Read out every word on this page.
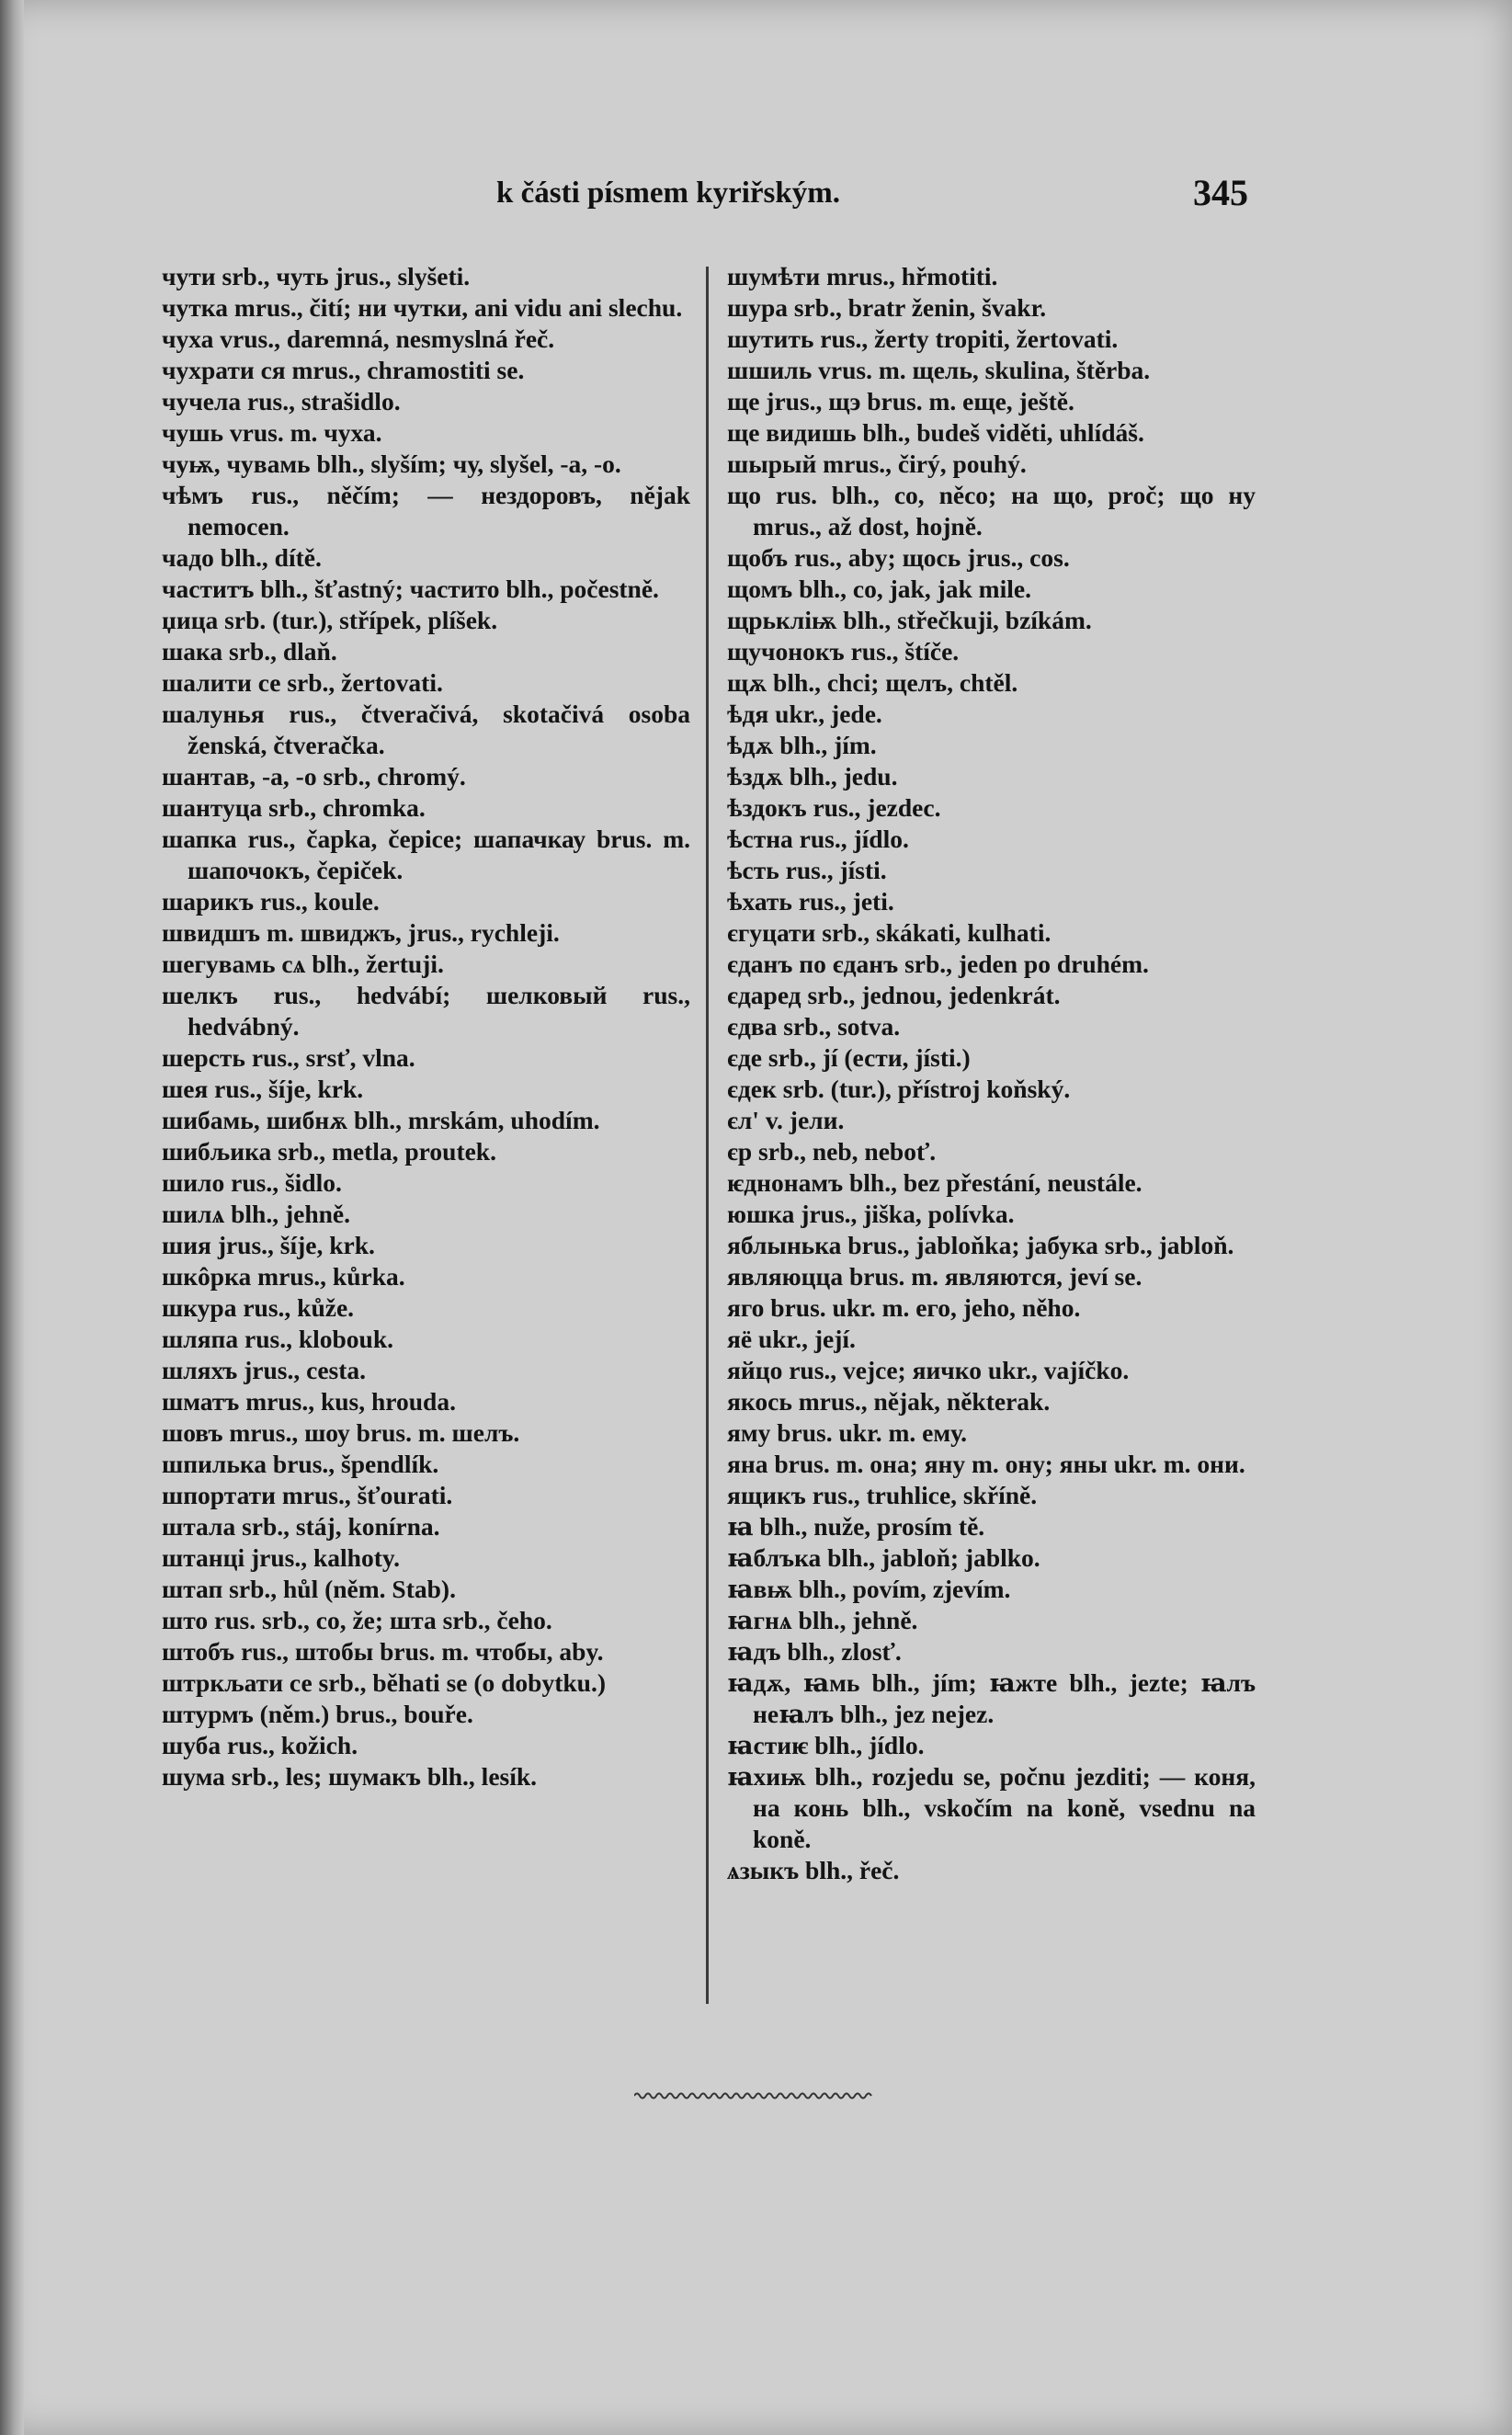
k části písmem kyriřským.	345

чути srb., чуть jrus., slyšeti.

чутка mrus., čití; ни чутки, ani vidu ani slechu.

чуха vrus., daremná, nesmyslná řeč.

чухрати ся mrus., chramostiti se.

чучела rus., strašidlo.

чушь vrus. m. чуха.

чуѭ, чувамь blh., slyším; чу, slyšel, -a, -o.

чѣмъ rus., něčím; — нездоровъ, nějak nemocen.

чадо blh., dítě.

частитъ blh., šťastný; частито blh., počestně.

џица srb. (tur.), střípek, plíšek.

шака srb., dlaň.

шалити се srb., žertovati.

шалунья rus., čtveračivá, skotačivá osoba ženská, čtveračka.

шантав, -a, -o srb., chromý.

шантуца srb., chromka.

шапка rus., čapka, čepice; шапачкау brus. m. шапочокъ, čepiček.

шарикъ rus., koule.

швидшъ m. швиджъ, jrus., rychleji.

шегувамь сѧ blh., žertuji.

шелкъ rus., hedvábí; шелковый rus., hedvábný.

шерсть rus., srsť, vlna.

шея rus., šíje, krk.

шибамь, шибнѫ blh., mrskám, uhodím.

шибљика srb., metla, proutek.

шило rus., šidlo.

шилѧ blh., jehně.

шия jrus., šíje, krk.

шкôрка mrus., kůrka.

шкура rus., kůže.

шляпа rus., klobouk.

шляхъ jrus., cesta.

шматъ mrus., kus, hrouda.

шовъ mrus., шоу brus. m. шелъ.

шпилька brus., špendlík.

шпортати mrus., šťourati.

штала srb., stáj, konírna.

штанці jrus., kalhoty.

штап srb., hůl (něm. Stab).

што rus. srb., co, že; шта srb., čeho.

штобъ rus., штобы brus. m. чтобы, aby.

штркљати се srb., běhati se (o dobytku.)

штурмъ (něm.) brus., bouře.

шуба rus., kožich.

шума srb., les; шумакъ blh., lesík.

шумѣти mrus., hřmotiti.

шура srb., bratr ženin, švakr.

шутить rus., žerty tropiti, žertovati.

шшиль vrus. m. щель, skulina, štěrba.

ще jrus., щэ brus. m. еще, ještě.

ще видишь blh., budeš viděti, uhlídáš.

шырый mrus., čirý, pouhý.

що rus. blh., co, něco; на що, proč; що ну mrus., až dost, hojně.

щобъ rus., aby; щось jrus., cos.

щомъ blh., co, jak, jak mile.

щрькліѭ blh., střečkuji, bzíkám.

щучонокъ rus., štíče.

щѫ blh., chci; щелъ, chtěl.

ѣдя ukr., jede.

ѣдѫ blh., jím.

ѣздѫ blh., jedu.

ѣздокъ rus., jezdec.

ѣстна rus., jídlo.

ѣсть rus., jísti.

ѣхать rus., jeti.

єгуцати srb., skákati, kulhati.

єданъ по єданъ srb., jeden po druhém.

єдаред srb., jednou, jedenkrát.

єдва srb., sotva.

єде srb., jí (ести, jísti.)

єдек srb. (tur.), přístroj koňský.

єл' v. јели.

єр srb., neb, neboť.

ѥднонамъ blh., bez přestání, neustále.

юшка jrus., jiška, polívka.

яблынька brus., jabloňka; јабука srb., jabloň.

являюцца brus. m. являются, jeví se.

яго brus. ukr. m. его, jeho, něho.

яё ukr., její.

яйцо rus., vejce; яичко ukr., vajíčko.

якось mrus., nějak, některak.

яму brus. ukr. m. ему.

яна brus. m. она; яну m. ону; яны ukr. m. они.

ящикъ rus., truhlice, skříně.

ꙗ blh., nuže, prosím tě.

ꙗблъка blh., jabloň; jablko.

ꙗвѭ blh., povím, zjevím.

ꙗгнѧ blh., jehně.

ꙗдъ blh., zlosť.

ꙗдѫ, ꙗмь blh., jím; ꙗжте blh., jezte; ꙗлъ неꙗлъ blh., jez nejez.

ꙗстиѥ blh., jídlo.

ꙗхиѭ blh., rozjedu se, počnu jezditi; — коня, на конь blh., vskočím na koně, vsednu na koně.

ѧзыкъ blh., řeč.
